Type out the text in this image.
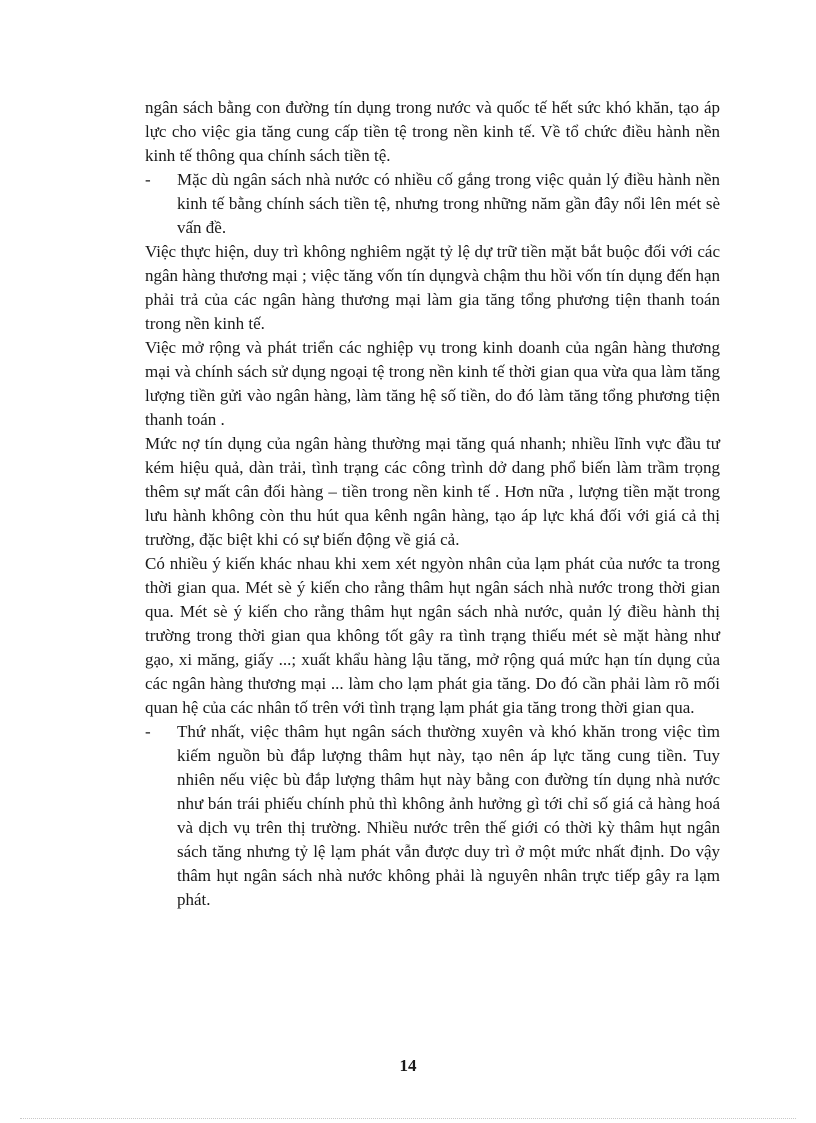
ngân sách bằng con đường tín dụng trong nước và quốc tế hết sức khó khăn, tạo áp lực cho việc gia tăng cung cấp tiền tệ trong nền kinh tế. Về tổ chức điều hành nền kinh tế thông qua chính sách tiền tệ.

-	Mặc dù ngân sách nhà nước có nhiều cố gắng trong việc quản lý điều hành nền kinh tế bằng chính sách tiền tệ, nhưng trong những năm gần đây nổi lên mét sè vấn đề.

Việc thực hiện, duy trì không nghiêm ngặt tỷ lệ dự trữ tiền mặt bắt buộc đối với các ngân hàng thương mại ; việc tăng vốn tín dụngvà chậm thu hồi vốn tín dụng đến hạn phải trả của các ngân hàng thương mại làm gia tăng tổng phương tiện thanh toán trong nền kinh tế.

Việc mở rộng và phát triển các nghiệp vụ trong kinh doanh của ngân hàng thương mại và chính sách sử dụng ngoại tệ trong nền kinh tế thời gian qua vừa qua làm tăng lượng tiền gửi vào ngân hàng, làm tăng hệ số tiền, do đó làm tăng tổng phương tiện thanh toán .

Mức nợ tín dụng của ngân hàng thường mại tăng quá nhanh; nhiều lĩnh vực đầu tư kém hiệu quả, dàn trải, tình trạng các công trình dở dang phổ biến làm trầm trọng thêm sự mất cân đối hàng – tiền trong nền kinh tế . Hơn nữa , lượng tiền mặt trong lưu hành không còn thu hút qua kênh ngân hàng, tạo áp lực khá đối với giá cả thị trường, đặc biệt khi có sự biến động về giá cả.

Có nhiều ý kiến khác nhau khi xem xét ngyòn nhân của lạm phát của nước ta trong thời gian qua. Mét sè ý kiến cho rằng thâm hụt ngân sách nhà nước trong thời gian qua. Mét sè ý kiến cho rằng thâm hụt ngân sách nhà nước, quản lý điều hành thị trường trong thời gian qua không tốt gây ra tình trạng thiếu mét sè mặt hàng như gạo, xi măng, giấy ...; xuất khẩu hàng lậu tăng, mở rộng quá mức hạn tín dụng của các ngân hàng thương mại ... làm cho lạm phát gia tăng. Do đó cần phải làm rõ mối quan hệ của các nhân tố trên với tình trạng lạm phát gia tăng trong thời gian qua.

-	Thứ nhất, việc thâm hụt ngân sách thường xuyên và khó khăn trong việc tìm kiếm nguồn bù đắp lượng thâm hụt này, tạo nên áp lực tăng cung tiền. Tuy nhiên nếu việc bù đắp lượng thâm hụt này bằng con đường tín dụng nhà nước như bán trái phiếu chính phủ thì không ảnh hưởng gì tới chỉ số giá cả hàng hoá và dịch vụ trên thị trường. Nhiều nước trên thế giới có thời kỳ thâm hụt ngân sách tăng nhưng tỷ lệ lạm phát vẫn được duy trì ở một mức nhất định. Do vậy thâm hụt ngân sách nhà nước không phải là nguyên nhân trực tiếp gây ra lạm phát.
14
